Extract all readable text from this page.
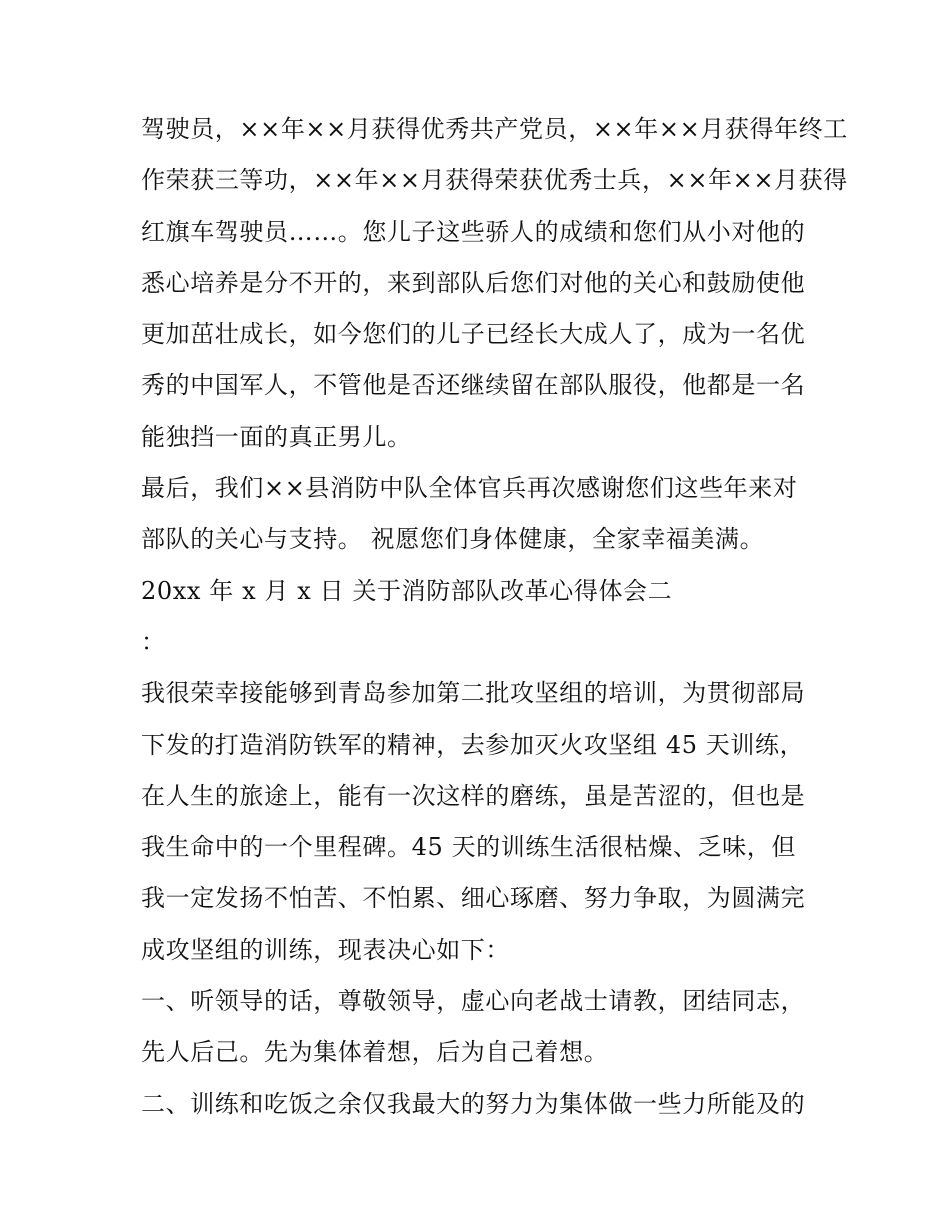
驾驶员，××年××月获得优秀共产党员，××年××月获得年终工
作荣获三等功，××年××月获得荣获优秀士兵，××年××月获得
红旗车驾驶员……。您儿子这些骄人的成绩和您们从小对他的
悉心培养是分不开的，来到部队后您们对他的关心和鼓励使他
更加茁壮成长，如今您们的儿子已经长大成人了，成为一名优
秀的中国军人，不管他是否还继续留在部队服役，他都是一名
能独挡一面的真正男儿。
最后，我们××县消防中队全体官兵再次感谢您们这些年来对
部队的关心与支持。 祝愿您们身体健康，全家幸福美满。
20xx 年 x 月 x 日 关于消防部队改革心得体会二
：
我很荣幸接能够到青岛参加第二批攻坚组的培训，为贯彻部局
下发的打造消防铁军的精神，去参加灭火攻坚组 45 天训练，
在人生的旅途上，能有一次这样的磨练，虽是苦涩的，但也是
我生命中的一个里程碑。45 天的训练生活很枯燥、乏味，但
我一定发扬不怕苦、不怕累、细心琢磨、努力争取，为圆满完
成攻坚组的训练，现表决心如下：
一、听领导的话，尊敬领导，虚心向老战士请教，团结同志，
先人后己。先为集体着想，后为自己着想。
二、训练和吃饭之余仅我最大的努力为集体做一些力所能及的
